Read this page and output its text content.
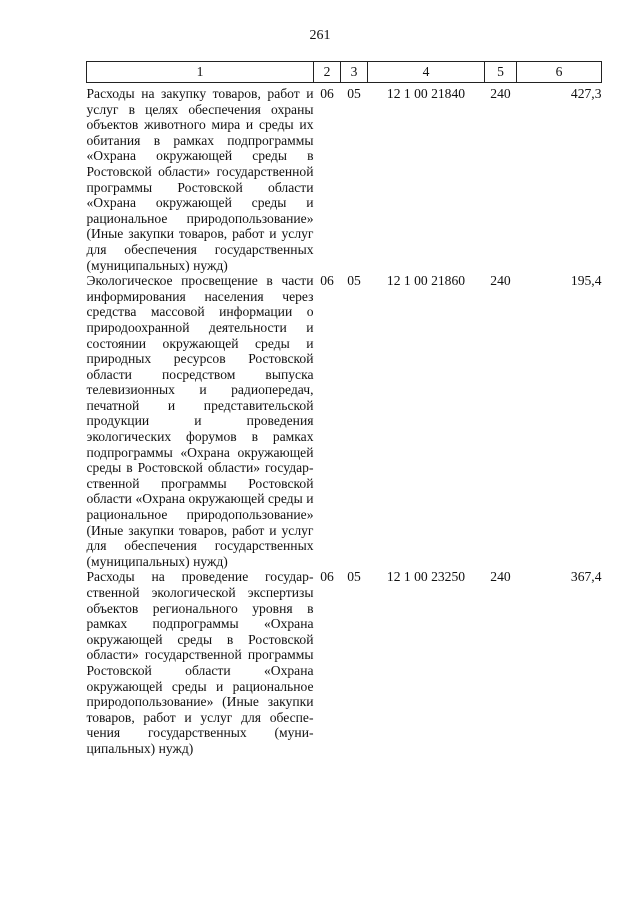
261
1	2	3	4	5	6
Расходы на закупку товаров, работ и услуг в целях обеспечения охраны объектов животного мира и среды их обитания в рамках подпрограммы «Охрана окружающей среды в Ростовской области» государственной программы Ростовской области «Охрана окружающей среды и рациональное природопользование» (Иные закупки товаров, работ и услуг для обеспечения государственных (муниципальных) нужд)	06	05	12 1 00 21840	240	427,3
Экологическое просвещение в части информирования населения через средства массовой информации о природоохранной деятельности и состоянии окружающей среды и природных ресурсов Ростовской области посредством выпуска телевизионных и радиопередач, печатной и представительской продукции и проведения экологических форумов в рамках подпрограммы «Охрана окружающей среды в Ростовской области» государственной программы Ростовской области «Охрана окружающей среды и рациональное природопользование» (Иные закупки товаров, работ и услуг для обеспечения государственных (муниципальных) нужд)	06	05	12 1 00 21860	240	195,4
Расходы на проведение государственной экологической экспертизы объектов регионального уровня в рамках подпрограммы «Охрана окружающей среды в Ростовской области» государственной программы Ростовской области «Охрана окружающей среды и рациональное природопользование» (Иные закупки товаров, работ и услуг для обеспечения государственных (муниципальных) нужд)	06	05	12 1 00 23250	240	367,4
